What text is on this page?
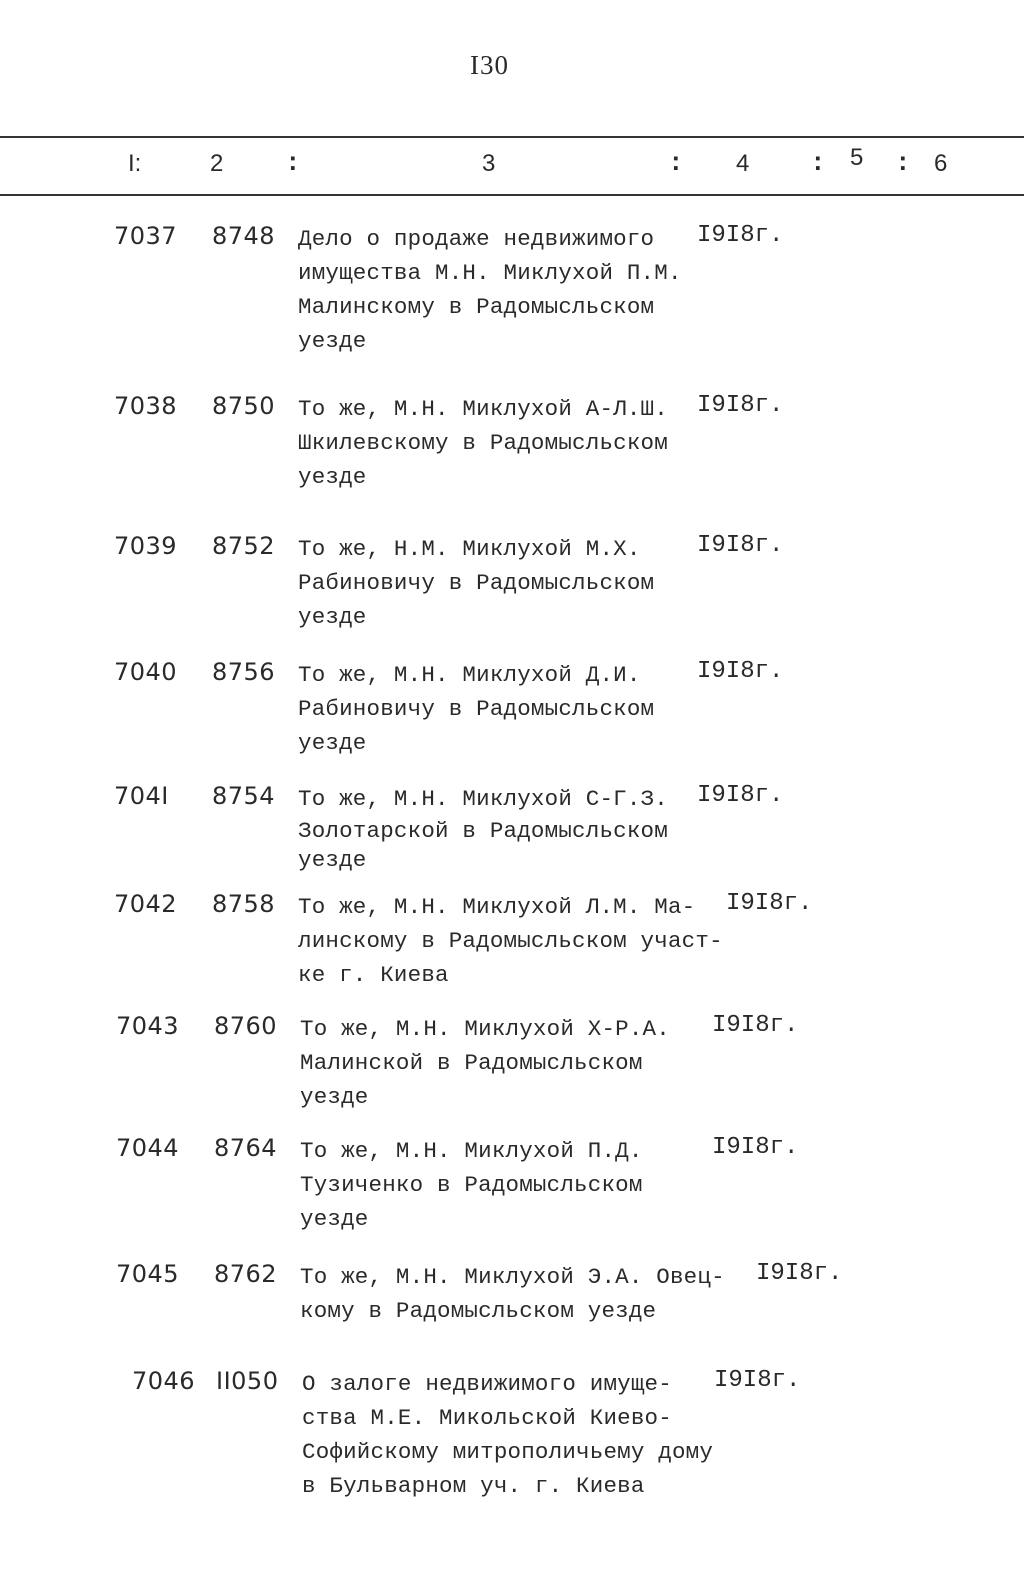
I30
I:	2 :	3	: 4 : 5 : 6
7037 8748 Дело о продаже недвижимого
имущества М.Н. Миклухой П.М.
Малинскому в Радомысльском
уезде
I9I8г.
7038 8750 То же, М.Н. Миклухой А-Л.Ш.
Шкилевскому в Радомысльском
уезде
I9I8г.
7039 8752 То же, Н.М. Миклухой М.Х.
Рабиновичу в Радомысльском
уезде
I9I8г.
7040 8756 То же, М.Н. Миклухой Д.И.
Рабиновичу в Радомысльском
уезде
I9I8г.
704I 8754 То же, М.Н. Миклухой С-Г.З.
Золотарской в Радомысльском
уезде
I9I8г.
7042 8758 То же, М.Н. Миклухой Л.М. Ма-
линскому в Радомысльском участ-
ке г. Киева
I9I8г.
7043 8760 То же, М.Н. Миклухой Х-Р.А.
Малинской в Радомысльском
уезде
I9I8г.
7044 8764 То же, М.Н. Миклухой П.Д.
Тузиченко в Радомысльском
уезде
I9I8г.
7045 8762 То же, М.Н. Миклухой Э.А. Овец-
кому в Радомысльском уезде
I9I8г.
7046 II050 О залоге недвижимого имуще-
ства М.Е. Микольской Киево-
Софийскому митрополичьему дому
в Бульварном уч. г. Киева
I9I8г.
